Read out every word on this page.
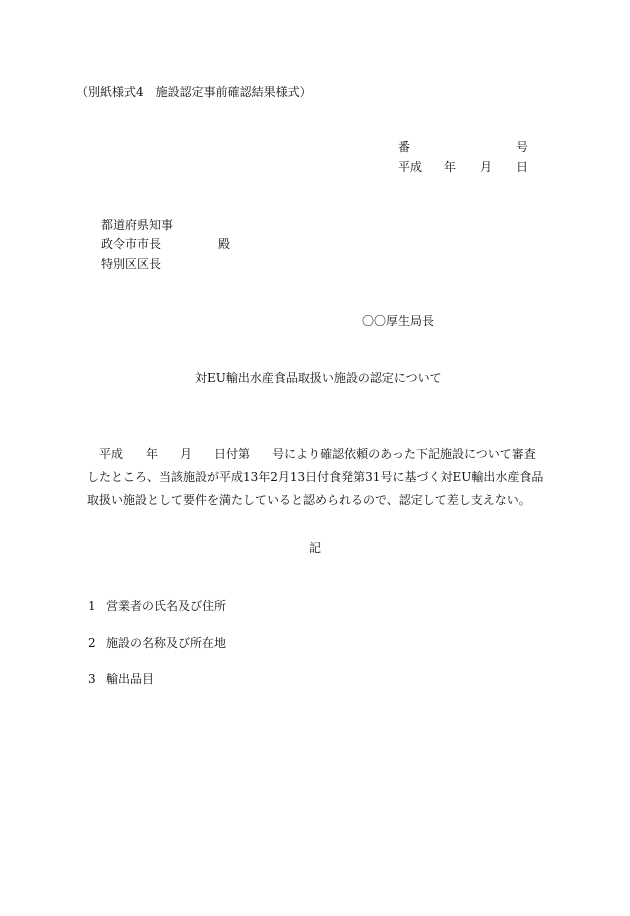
（別紙様式4　施設認定事前確認結果様式）
番	号
平成 年 月 日
都道府県知事
政令市市長	殿
特別区区長
〇〇厚生局長
対EU輸出水産食品取扱い施設の認定について
平成 年 月 日付第 号により確認依頼のあった下記施設について審査したところ、当該施設が平成13年2月13日付食発第31号に基づく対EU輸出水産食品取扱い施設として要件を満たしていると認められるので、認定して差し支えない。
記
1 営業者の氏名及び住所
2 施設の名称及び所在地
3 輸出品目
